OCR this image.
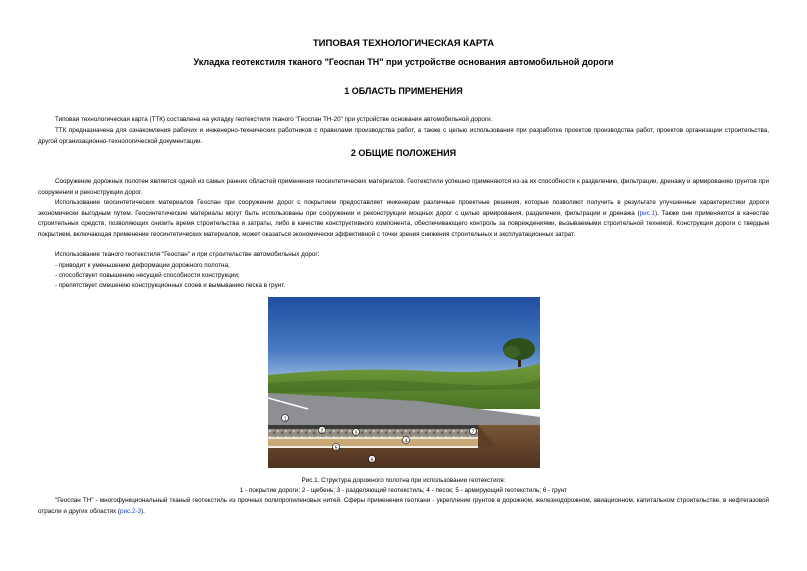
ТИПОВАЯ ТЕХНОЛОГИЧЕСКАЯ КАРТА
Укладка геотекстиля тканого "Геоспан ТН" при устройстве основания автомобильной дороги
1 ОБЛАСТЬ ПРИМЕНЕНИЯ

Типовая технологическая карта (ТТК) составлена на укладку геотекстиля тканого "Геоспан ТН-20" при устройстве основания автомобильной дороги.

ТТК предназначена для ознакомления рабочих и инженерно-технических работников с правилами производства работ, а также с целью использования при разработке проектов производства работ, проектов организации строительства, другой организационно-технологической документации.

2 ОБЩИЕ ПОЛОЖЕНИЯ

Сооружение дорожных полотен является одной из самых ранних областей применения геосинтетических материалов. Геотекстили успешно применяются из-за их способности к разделению, фильтрации, дренажу и армированию грунтов при сооружении и реконструкции дорог.

Использование геосинтетических материалов Геоспан при сооружении дорог с покрытием предоставляет инженерам различные проектные решения, которые позволяют получить в результате улучшенные характеристики дороги экономически выгодным путем. Геосинтетические материалы могут быть использованы при сооружении и реконструкции мощных дорог с целью армирования, разделения, фильтрации и дренажа (рис.1). Также они применяются в качестве строительных средств, позволяющих снизить время строительства и затраты, либо в качестве конструктивного компонента, обеспечивающего контроль за повреждениями, вызываемыми строительной техникой. Конструкция дороги с твердым покрытием, включающая применение геосинтетических материалов, может оказаться экономически эффективной с точки зрения снижения строительных и эксплуатационных затрат.

Использование тканого геотекстиля "Геоспан" и при строительстве автомобильных дорог:

- приводит к уменьшению деформации дорожного полотна;
- способствует повышению несущей способности конструкции;
- препятствует смешению конструкционных слоев и вымыванию песка в грунт.
1
2	3
4
5
6
7
Рис.1. Структура дорожного полотна при использовании геотекстиля:
1 - покрытие дороги; 2 - щебень; 3 - разделяющий геотекстиль; 4 - песок; 5 - армирующий геотекстиль; 6 - грунт

"Геоспан ТН" - многофункциональный тканый геотекстиль из прочных полипропиленовых нитей. Сферы применения геоткани - укрепление грунтов в дорожном, железнодорожном, авиационном, капитальном строительстве, в нефтегазовой отрасли и других областях (рис.2-3).
